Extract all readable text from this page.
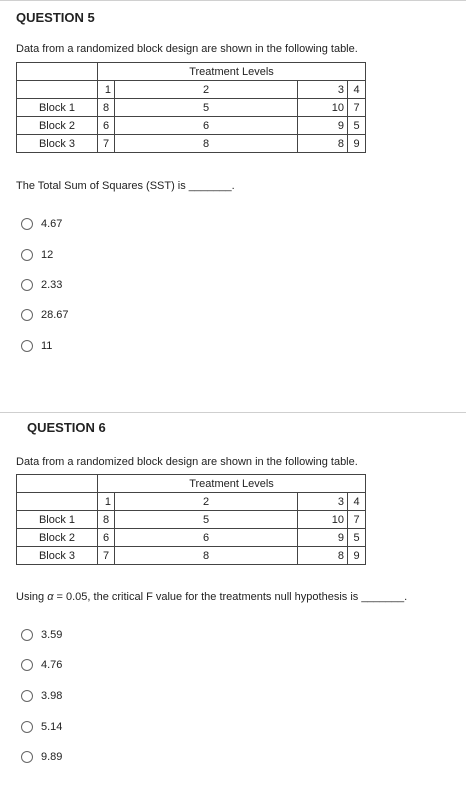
QUESTION 5
Data from a randomized block design are shown in the following table.
	Treatment Levels			
	1	2	3	4
Block 1	8	5	10	7
Block 2	6	6	9	5
Block 3	7	8	8	9
The Total Sum of Squares (SST) is _______.
4.67
12
2.33
28.67
11
QUESTION 6
Data from a randomized block design are shown in the following table.
	Treatment Levels			
	1	2	3	4
Block 1	8	5	10	7
Block 2	6	6	9	5
Block 3	7	8	8	9
Using α = 0.05, the critical F value for the treatments null hypothesis is _______.
3.59
4.76
3.98
5.14
9.89
